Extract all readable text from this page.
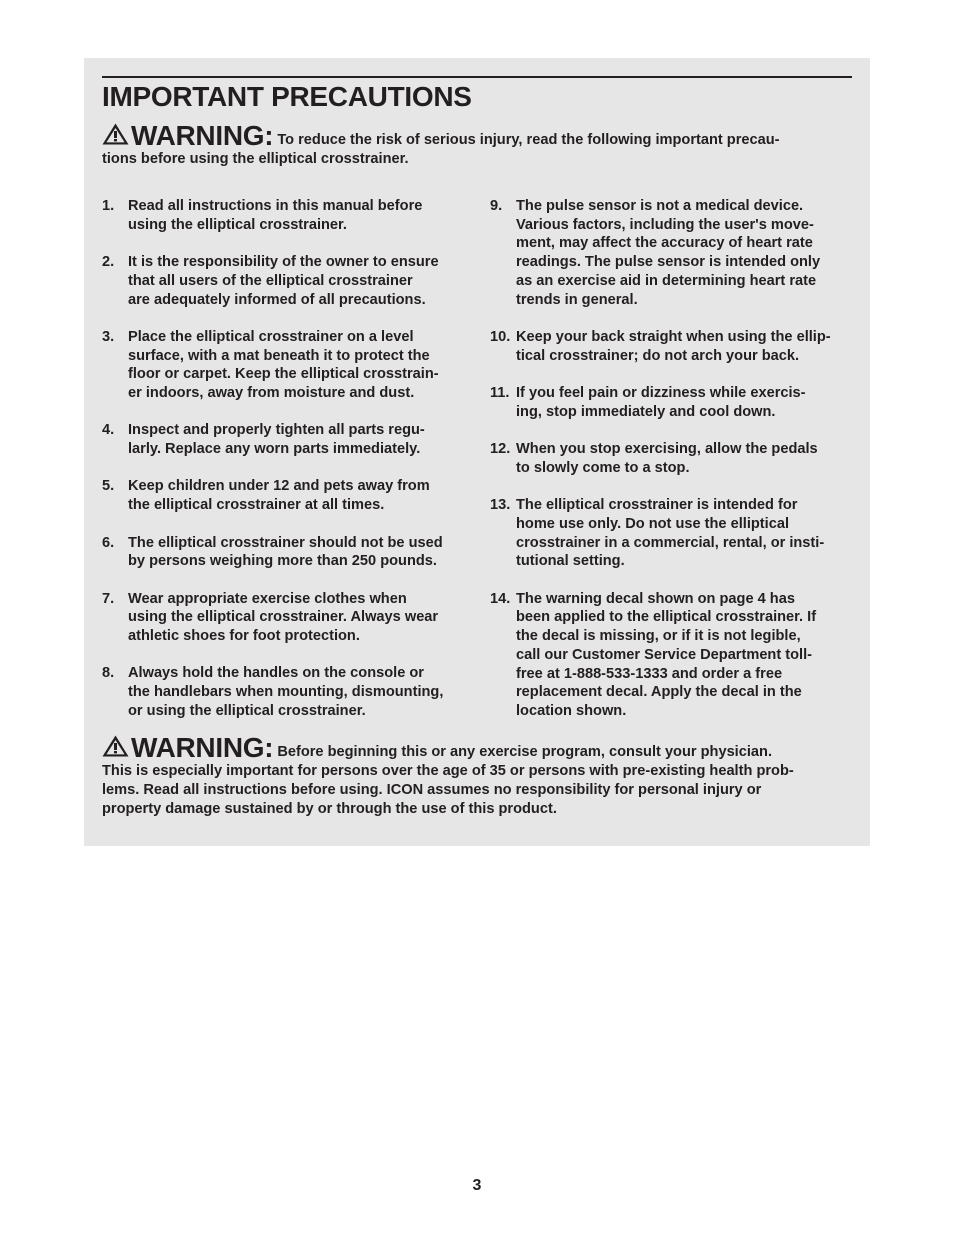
IMPORTANT PRECAUTIONS

WARNING: To reduce the risk of serious injury, read the following important precau-
tions before using the elliptical crosstrainer.

1. Read all instructions in this manual before
using the elliptical crosstrainer.
2. It is the responsibility of the owner to ensure
that all users of the elliptical crosstrainer
are adequately informed of all precautions.
3. Place the elliptical crosstrainer on a level
surface, with a mat beneath it to protect the
floor or carpet. Keep the elliptical crosstrain-
er indoors, away from moisture and dust.
4. Inspect and properly tighten all parts regu-
larly. Replace any worn parts immediately.
5. Keep children under 12 and pets away from
the elliptical crosstrainer at all times.
6. The elliptical crosstrainer should not be used
by persons weighing more than 250 pounds.
7. Wear appropriate exercise clothes when
using the elliptical crosstrainer. Always wear
athletic shoes for foot protection.
8. Always hold the handles on the console or
the handlebars when mounting, dismounting,
or using the elliptical crosstrainer.
9. The pulse sensor is not a medical device.
Various factors, including the user's move-
ment, may affect the accuracy of heart rate
readings. The pulse sensor is intended only
as an exercise aid in determining heart rate
trends in general.
10. Keep your back straight when using the ellip-
tical crosstrainer; do not arch your back.
11. If you feel pain or dizziness while exercis-
ing, stop immediately and cool down.
12. When you stop exercising, allow the pedals
to slowly come to a stop.
13. The elliptical crosstrainer is intended for
home use only. Do not use the elliptical
crosstrainer in a commercial, rental, or insti-
tutional setting.
14. The warning decal shown on page 4 has
been applied to the elliptical crosstrainer. If
the decal is missing, or if it is not legible,
call our Customer Service Department toll-
free at 1-888-533-1333 and order a free
replacement decal. Apply the decal in the
location shown.

WARNING: Before beginning this or any exercise program, consult your physician.
This is especially important for persons over the age of 35 or persons with pre-existing health prob-
lems. Read all instructions before using. ICON assumes no responsibility for personal injury or
property damage sustained by or through the use of this product.

3
